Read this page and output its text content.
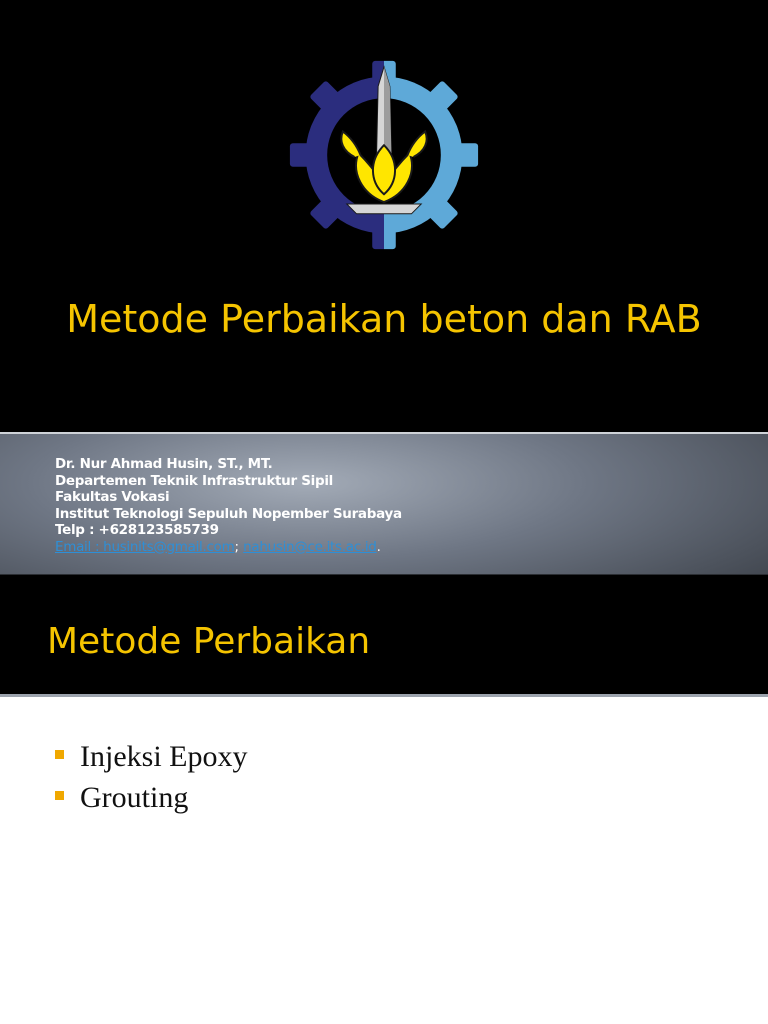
Metode Perbaikan beton dan RAB
Dr. Nur Ahmad Husin, ST., MT.
Departemen Teknik Infrastruktur Sipil
Fakultas Vokasi
Institut Teknologi Sepuluh Nopember Surabaya
Telp : +628123585739
Email : husinits@gmail.com; nahusin@ce.its.ac.id.
Metode Perbaikan
Injeksi Epoxy
Grouting
